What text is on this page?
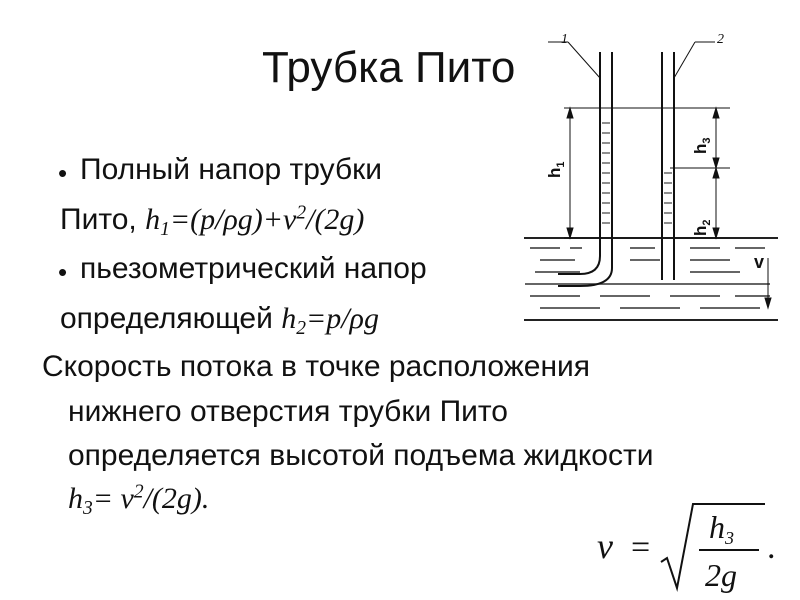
Трубка Пито
1	2
$h_1$
$h_2$
$h_3$
v
• Полный напор трубки
Пито, $h_1=(p/\rho g)+v^2/(2g)$
• пьезометрический напор
определяющей $h_2=p/\rho g$
Скорость потока в точке расположения
нижнего отверстия трубки Пито
определяется высотой подъема жидкости
$h_3= v^2/(2g)$.
v =
h3
2g
.
